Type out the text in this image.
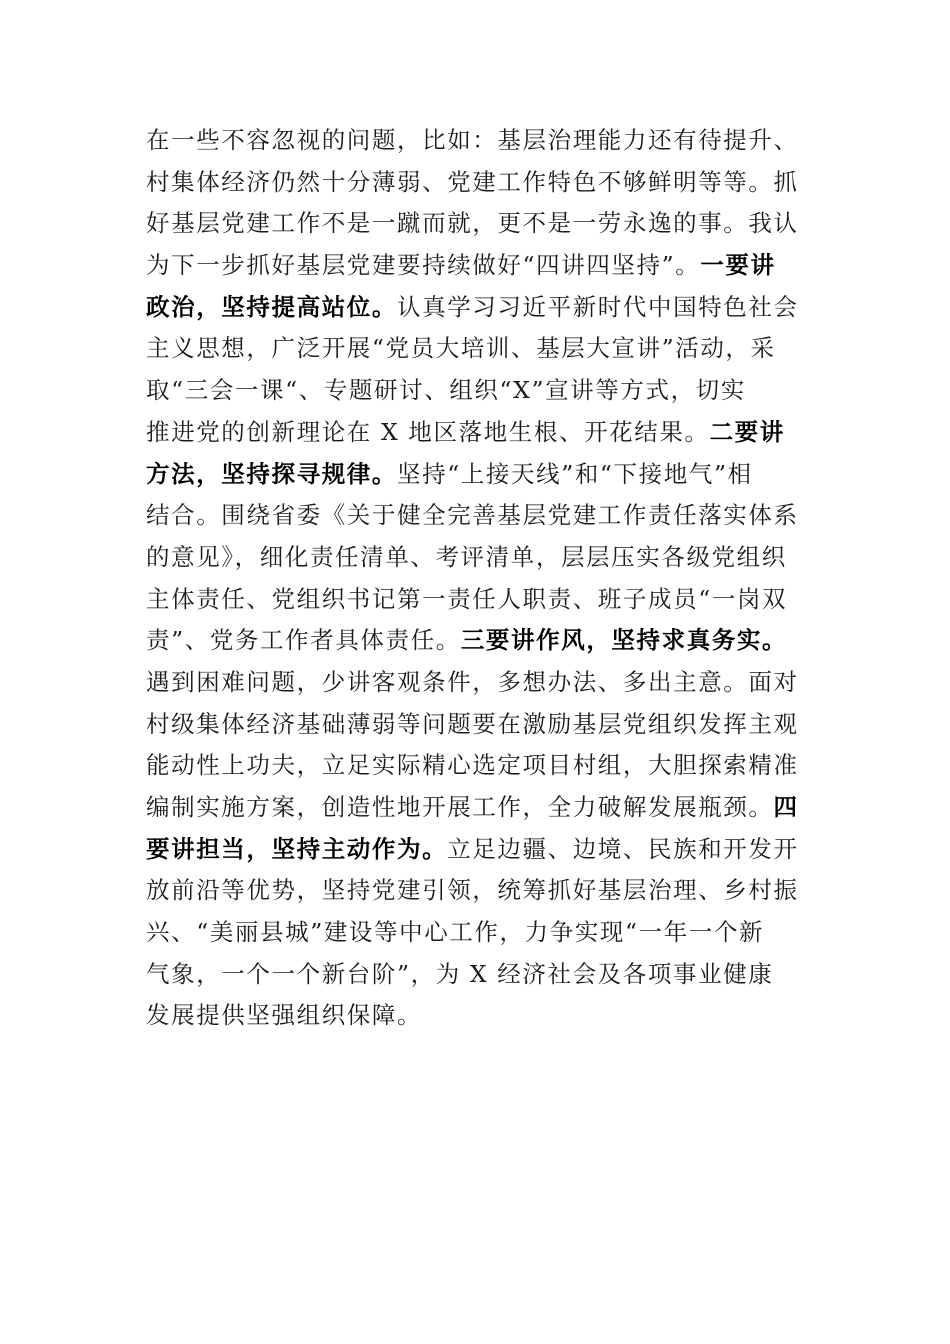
在一些不容忽视的问题，比如：基层治理能力还有待提升、
村集体经济仍然十分薄弱、党建工作特色不够鲜明等等。抓
好基层党建工作不是一蹴而就，更不是一劳永逸的事。我认
为下一步抓好基层党建要持续做好“四讲四坚持”。一要讲
政治，坚持提高站位。认真学习习近平新时代中国特色社会
主义思想，广泛开展“党员大培训、基层大宣讲”活动，采
取“三会一课“、专题研讨、组织“X”宣讲等方式，切实
推进党的创新理论在 X 地区落地生根、开花结果。二要讲
方法，坚持探寻规律。坚持“上接天线”和“下接地气”相
结合。围绕省委《关于健全完善基层党建工作责任落实体系
的意见》，细化责任清单、考评清单，层层压实各级党组织
主体责任、党组织书记第一责任人职责、班子成员“一岗双
责”、党务工作者具体责任。三要讲作风，坚持求真务实。
遇到困难问题，少讲客观条件，多想办法、多出主意。面对
村级集体经济基础薄弱等问题要在激励基层党组织发挥主观
能动性上功夫，立足实际精心选定项目村组，大胆探索精准
编制实施方案，创造性地开展工作，全力破解发展瓶颈。四
要讲担当，坚持主动作为。立足边疆、边境、民族和开发开
放前沿等优势，坚持党建引领，统筹抓好基层治理、乡村振
兴、“美丽县城”建设等中心工作，力争实现“一年一个新
气象，一个一个新台阶”，为 X 经济社会及各项事业健康
发展提供坚强组织保障。
